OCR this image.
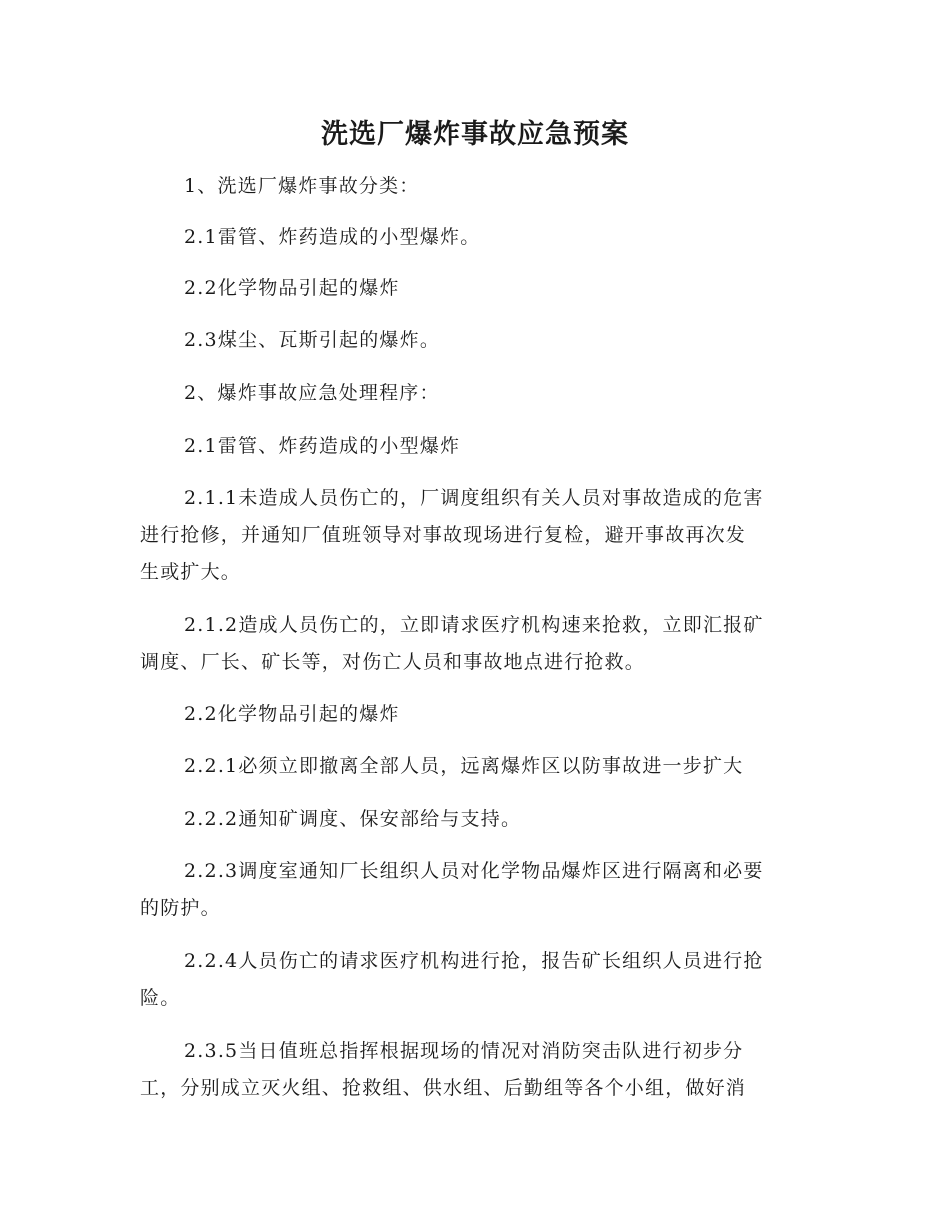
洗选厂爆炸事故应急预案
1、洗选厂爆炸事故分类：
2.1雷管、炸药造成的小型爆炸。
2.2化学物品引起的爆炸
2.3煤尘、瓦斯引起的爆炸。
2、爆炸事故应急处理程序：
2.1雷管、炸药造成的小型爆炸
2.1.1未造成人员伤亡的，厂调度组织有关人员对事故造成的危害
进行抢修，并通知厂值班领导对事故现场进行复检，避开事故再次发
生或扩大。
2.1.2造成人员伤亡的，立即请求医疗机构速来抢救，立即汇报矿
调度、厂长、矿长等，对伤亡人员和事故地点进行抢救。
2.2化学物品引起的爆炸
2.2.1必须立即撤离全部人员，远离爆炸区以防事故进一步扩大
2.2.2通知矿调度、保安部给与支持。
2.2.3调度室通知厂长组织人员对化学物品爆炸区进行隔离和必要
的防护。
2.2.4人员伤亡的请求医疗机构进行抢，报告矿长组织人员进行抢
险。
2.3.5当日值班总指挥根据现场的情况对消防突击队进行初步分
工，分别成立灭火组、抢救组、供水组、后勤组等各个小组，做好消
